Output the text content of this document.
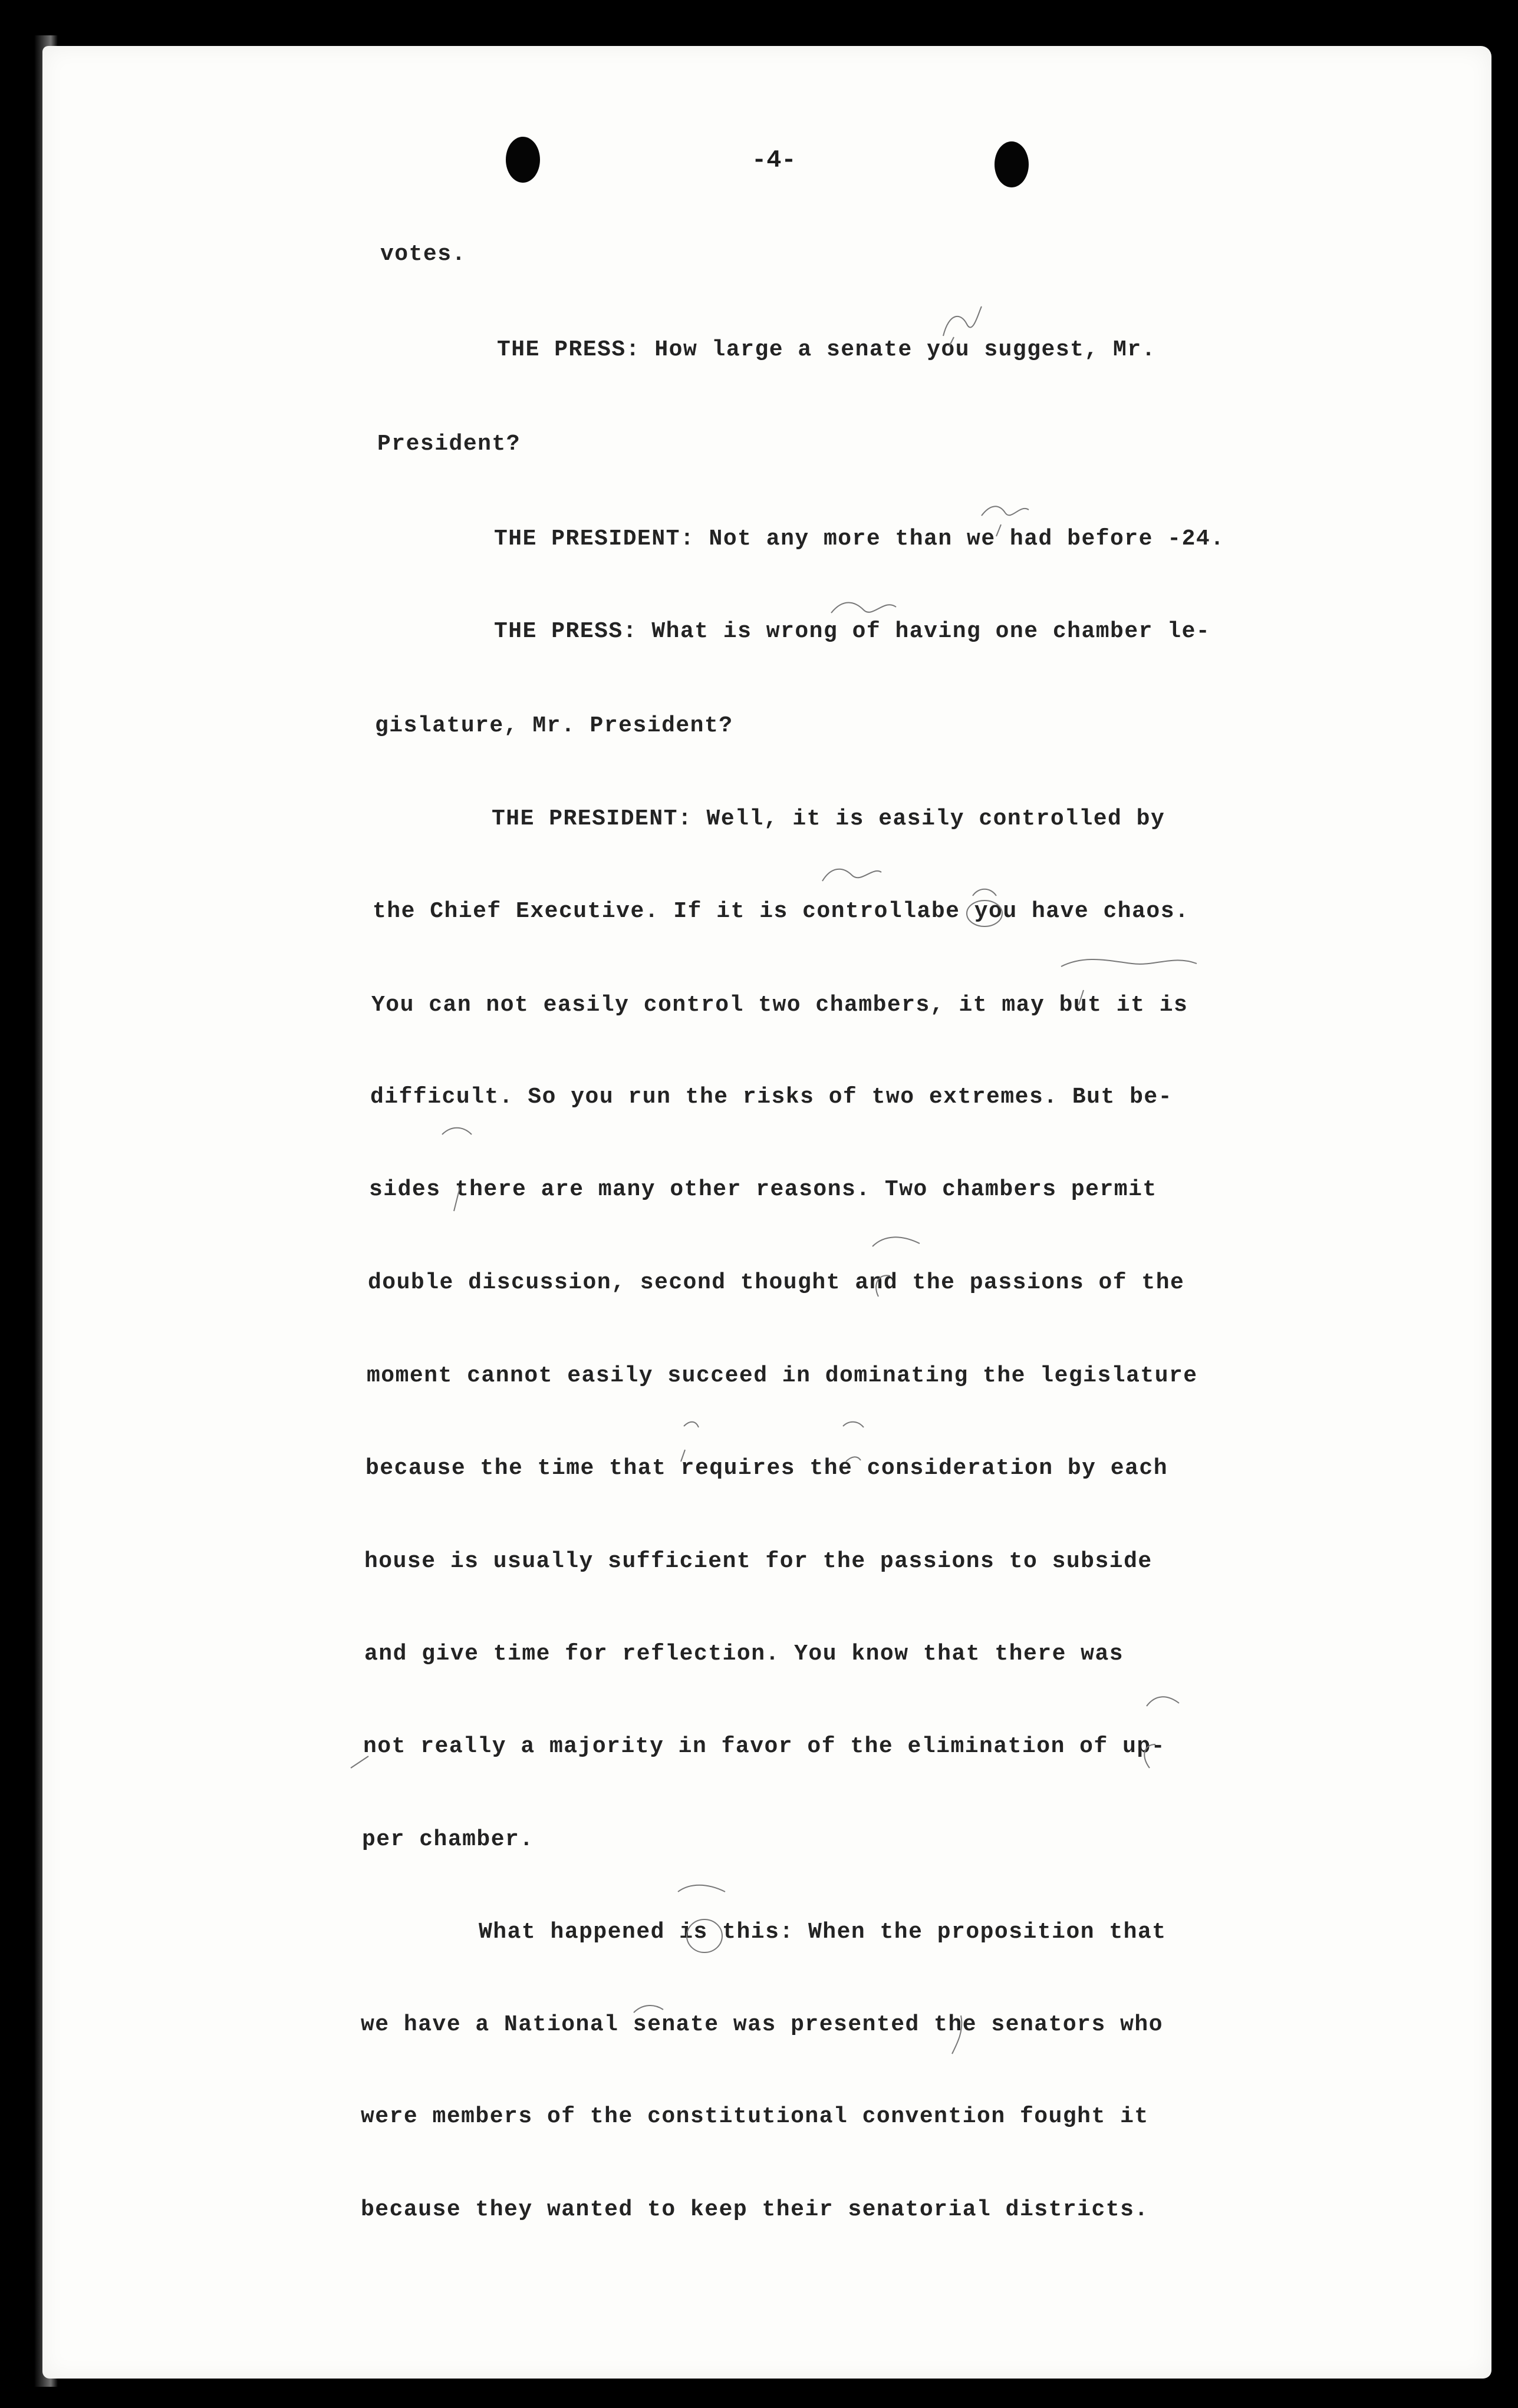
-4-
votes.
THE PRESS: How large a senate you suggest, Mr.
President?
THE PRESIDENT: Not any more than we had before -24.
THE PRESS: What is wrong of having one chamber le-
gislature, Mr. President?
THE PRESIDENT: Well, it is easily controlled by
the Chief Executive. If it is controllabe you have chaos.
You can not easily control two chambers, it may but it is
difficult. So you run the risks of two extremes. But be-
sides there are many other reasons. Two chambers permit
double discussion, second thought and the passions of the
moment cannot easily succeed in dominating the legislature
because the time that requires the consideration by each
house is usually sufficient for the passions to subside
and give time for reflection. You know that there was
not really a majority in favor of the elimination of up-
per chamber.
What happened is this: When the proposition that
we have a National senate was presented the senators who
were members of the constitutional convention fought it
because they wanted to keep their senatorial districts.
